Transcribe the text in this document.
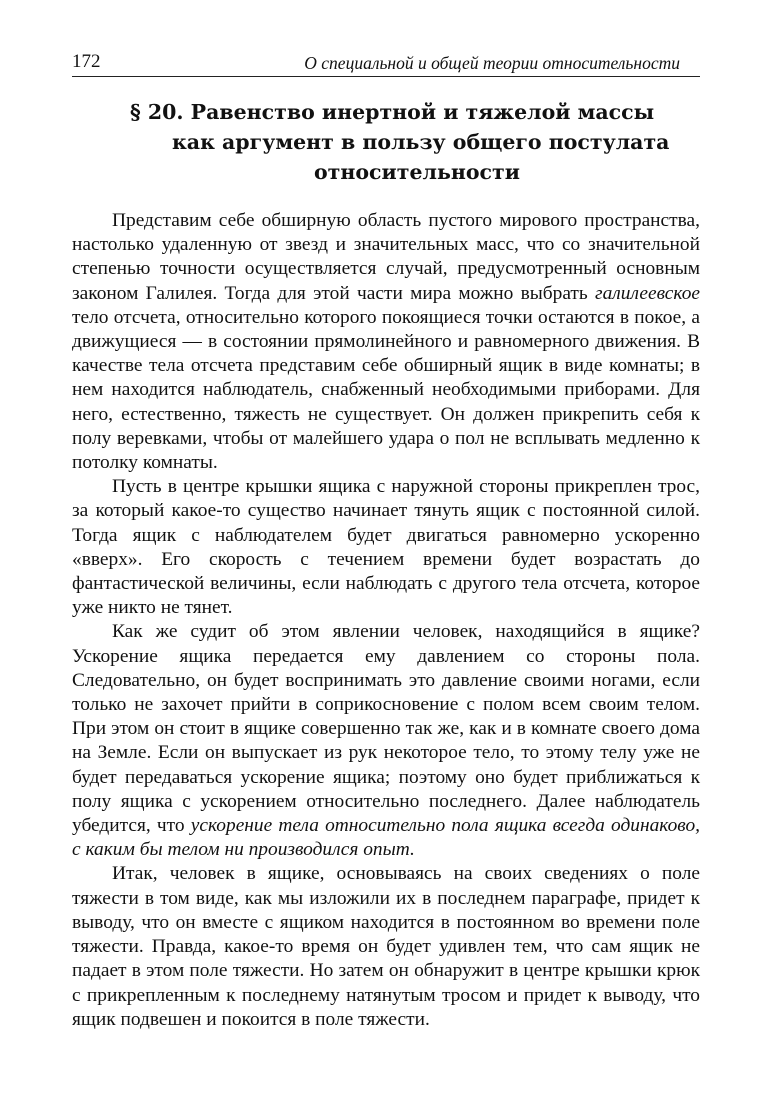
172	О специальной и общей теории относительности
§ 20. Равенство инертной и тяжелой массы
как аргумент в пользу общего постулата
относительности

Представим себе обширную область пустого мирового пространства, настолько удаленную от звезд и значительных масс, что со значительной степенью точности осуществляется случай, предусмотренный основным законом Галилея. Тогда для этой части мира можно выбрать галилеевское тело отсчета, относительно которого покоящиеся точки остаются в покое, а движущиеся — в состоянии прямолинейного и равномерного движения. В качестве тела отсчета представим себе обширный ящик в виде комнаты; в нем находится наблюдатель, снабженный необходимыми приборами. Для него, естественно, тяжесть не существует. Он должен прикрепить себя к полу веревками, чтобы от малейшего удара о пол не всплывать медленно к потолку комнаты.

Пусть в центре крышки ящика с наружной стороны прикреплен трос, за который какое-то существо начинает тянуть ящик с постоянной силой. Тогда ящик с наблюдателем будет двигаться равномерно ускоренно «вверх». Его скорость с течением времени будет возрастать до фантастической величины, если наблюдать с другого тела отсчета, которое уже никто не тянет.

Как же судит об этом явлении человек, находящийся в ящике? Ускорение ящика передается ему давлением со стороны пола. Следовательно, он будет воспринимать это давление своими ногами, если только не захочет прийти в соприкосновение с полом всем своим телом. При этом он стоит в ящике совершенно так же, как и в комнате своего дома на Земле. Если он выпускает из рук некоторое тело, то этому телу уже не будет передаваться ускорение ящика; поэтому оно будет приближаться к полу ящика с ускорением относительно последнего. Далее наблюдатель убедится, что ускорение тела относительно пола ящика всегда одинаково, с каким бы телом ни производился опыт.

Итак, человек в ящике, основываясь на своих сведениях о поле тяжести в том виде, как мы изложили их в последнем параграфе, придет к выводу, что он вместе с ящиком находится в постоянном во времени поле тяжести. Правда, какое-то время он будет удивлен тем, что сам ящик не падает в этом поле тяжести. Но затем он обнаружит в центре крышки крюк с прикрепленным к последнему натянутым тросом и придет к выводу, что ящик подвешен и покоится в поле тяжести.
